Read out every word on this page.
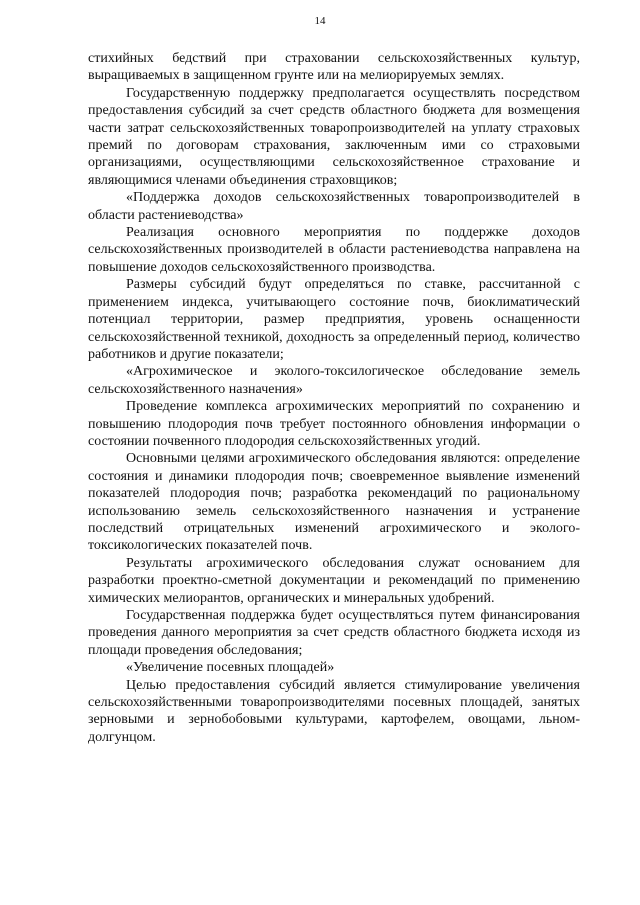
14

стихийных бедствий при страховании сельскохозяйственных культур, выращиваемых в защищенном грунте или на мелиорируемых землях.

Государственную поддержку предполагается осуществлять посредством предоставления субсидий за счет средств областного бюджета для возмещения части затрат сельскохозяйственных товаропроизводителей на уплату страховых премий по договорам страхования, заключенным ими со страховыми организациями, осуществляющими сельскохозяйственное страхование и являющимися членами объединения страховщиков;

«Поддержка доходов сельскохозяйственных товаропроизводителей в области растениеводства»

Реализация основного мероприятия по поддержке доходов сельскохозяйственных производителей в области растениеводства направлена на повышение доходов сельскохозяйственного производства.

Размеры субсидий будут определяться по ставке, рассчитанной с применением индекса, учитывающего состояние почв, биоклиматический потенциал территории, размер предприятия, уровень оснащенности сельскохозяйственной техникой, доходность за определенный период, количество работников и другие показатели;

«Агрохимическое и эколого-токсилогическое обследование земель сельскохозяйственного назначения»

Проведение комплекса агрохимических мероприятий по сохранению и повышению плодородия почв требует постоянного обновления информации о состоянии почвенного плодородия сельскохозяйственных угодий.

Основными целями агрохимического обследования являются: определение состояния и динамики плодородия почв; своевременное выявление изменений показателей плодородия почв; разработка рекомендаций по рациональному использованию земель сельскохозяйственного назначения и устранение последствий отрицательных изменений агрохимического и эколого-токсикологических показателей почв.

Результаты агрохимического обследования служат основанием для разработки проектно-сметной документации и рекомендаций по применению химических мелиорантов, органических и минеральных удобрений.

Государственная поддержка будет осуществляться путем финансирования проведения данного мероприятия за счет средств областного бюджета исходя из площади проведения обследования;

«Увеличение посевных площадей»

Целью предоставления субсидий является стимулирование увеличения сельскохозяйственными товаропроизводителями посевных площадей, занятых зерновыми и зернобобовыми культурами, картофелем, овощами, льном-долгунцом.
